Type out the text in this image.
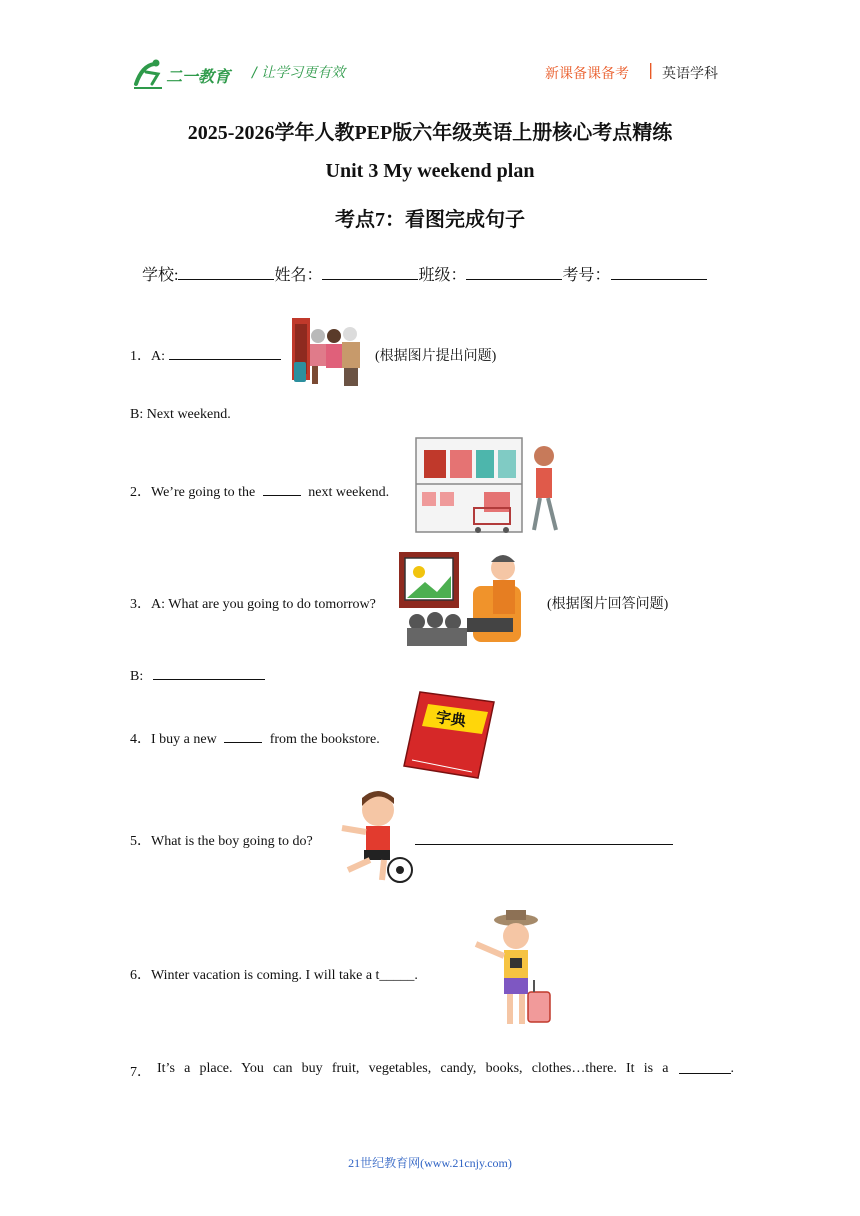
二一教育 / 让学习更有效	新课备课备考 | 英语学科
2025-2026学年人教PEP版六年级英语上册核心考点精练
Unit 3 My weekend plan
考点7：看图完成句子
学校:	姓名：	班级：	考号：
1．A:	(根据图片提出问题)
B: Next weekend.
2．We’re going to the	next weekend.
3．A: What are you going to do tomorrow?	(根据图片回答问题)
B:
4．I buy a new	from the bookstore.
字典
5．What is the boy going to do?
6．Winter vacation is coming. I will take a t_____.
7． It’s a place. You can buy fruit, vegetables, candy, books, clothes…there. It is a	.
21世纪教育网(www.21cnjy.com)
